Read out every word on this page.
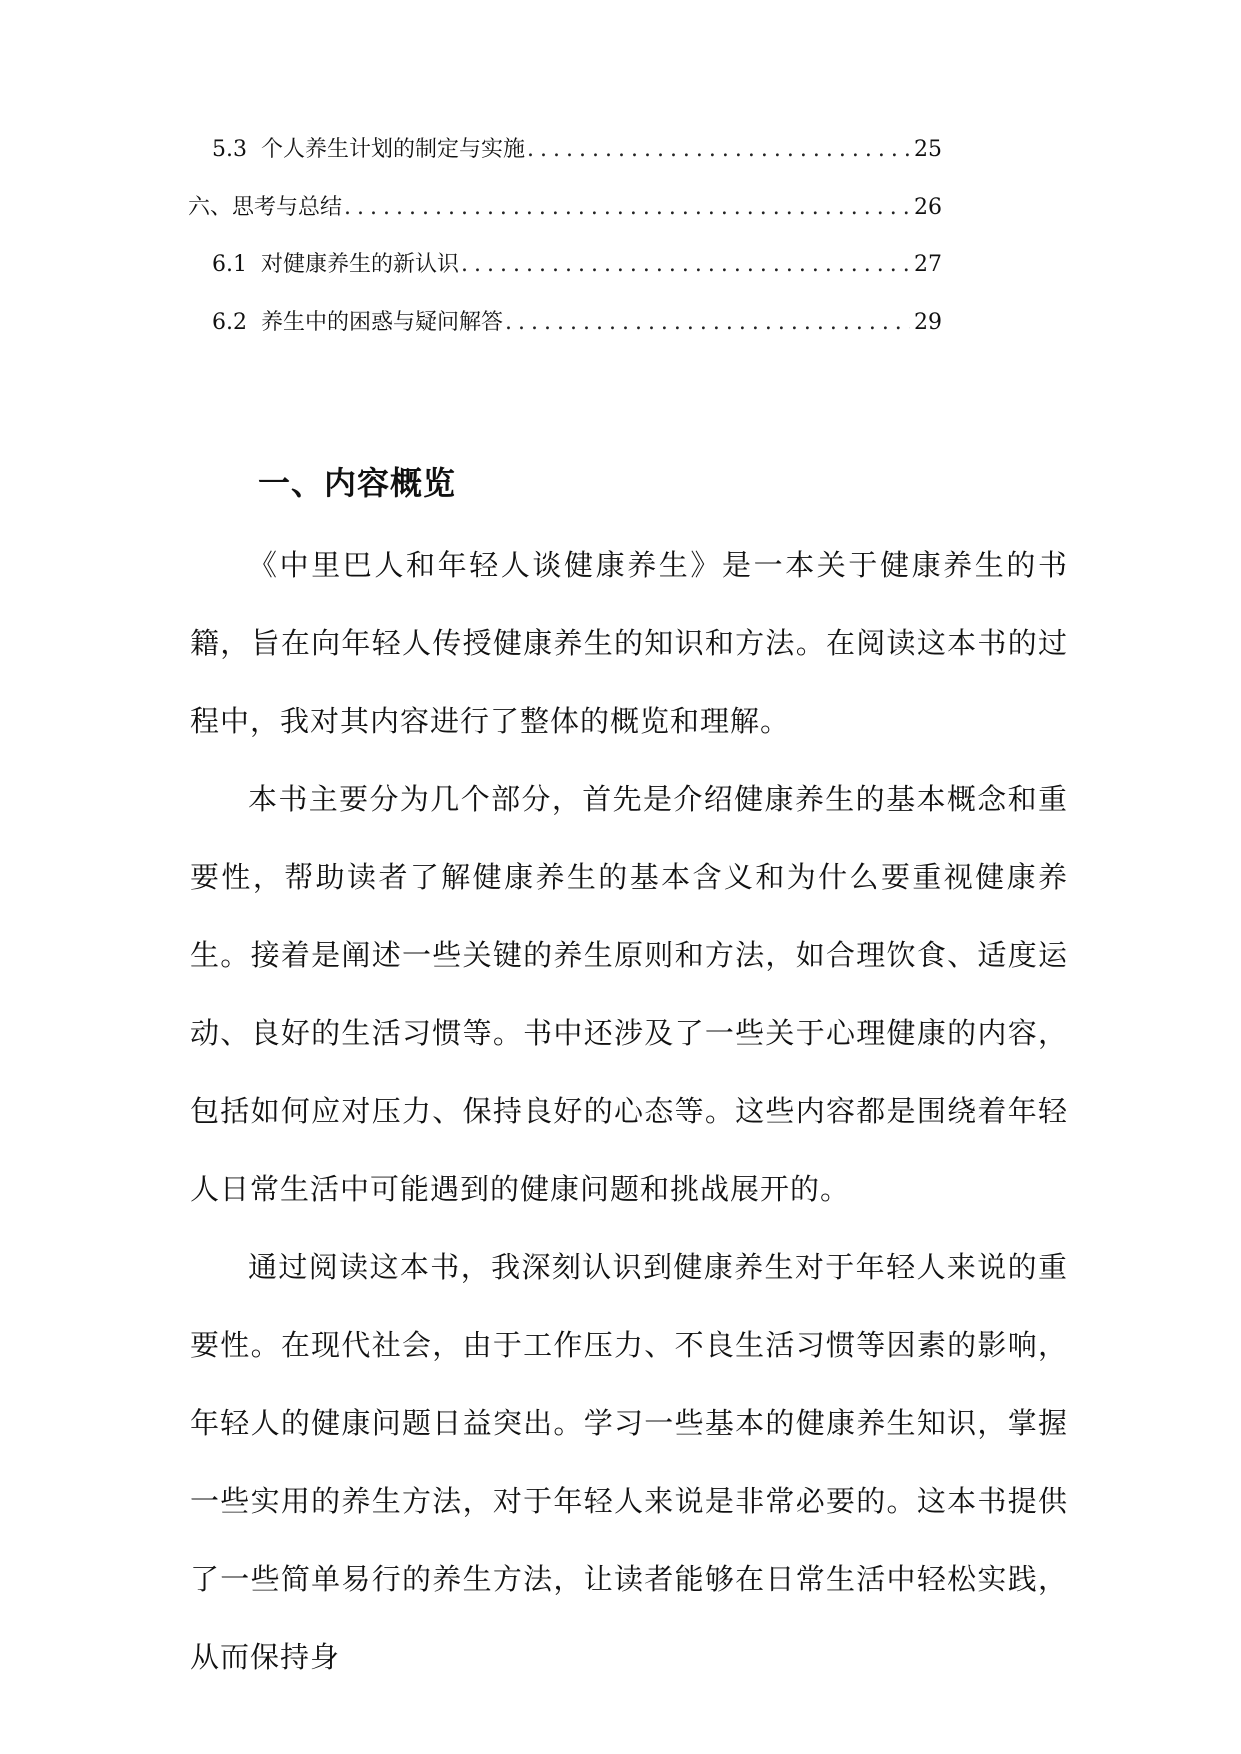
5.3 个人养生计划的制定与实施 .....	25
六、思考与总结 .....	26
6.1 对健康养生的新认识 .....	27
6.2 养生中的困惑与疑问解答 .....	29
一、内容概览

《中里巴人和年轻人谈健康养生》是一本关于健康养生的书籍，旨在向年轻人传授健康养生的知识和方法。在阅读这本书的过程中，我对其内容进行了整体的概览和理解。

本书主要分为几个部分，首先是介绍健康养生的基本概念和重要性，帮助读者了解健康养生的基本含义和为什么要重视健康养生。接着是阐述一些关键的养生原则和方法，如合理饮食、适度运动、良好的生活习惯等。书中还涉及了一些关于心理健康的内容，包括如何应对压力、保持良好的心态等。这些内容都是围绕着年轻人日常生活中可能遇到的健康问题和挑战展开的。

通过阅读这本书，我深刻认识到健康养生对于年轻人来说的重要性。在现代社会，由于工作压力、不良生活习惯等因素的影响，年轻人的健康问题日益突出。学习一些基本的健康养生知识，掌握一些实用的养生方法，对于年轻人来说是非常必要的。这本书提供了一些简单易行的养生方法，让读者能够在日常生活中轻松实践，从而保持身
